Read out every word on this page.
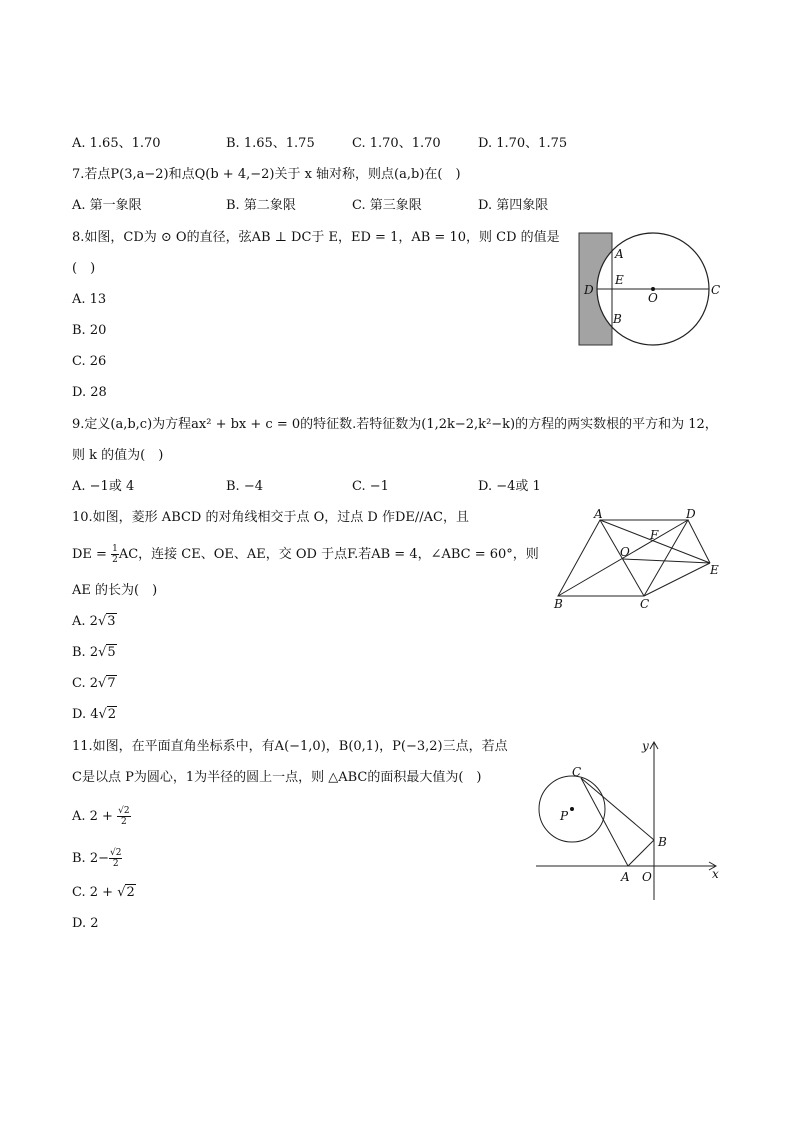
A. 1.65、1.70	B. 1.65、1.75	C. 1.70、1.70	D. 1.70、1.75
7.若点P(3,a−2)和点Q(b + 4,−2)关于 x 轴对称，则点(a,b)在(　)
A. 第一象限	B. 第二象限	C. 第三象限	D. 第四象限
8.如图，CD为 ⊙ O的直径，弦AB ⊥ DC于 E，ED = 1，AB = 10，则 CD 的值是
(　)
A. 13
B. 20
C. 26
D. 28
A
E
D
O
C
B
9.定义(a,b,c)为方程ax² + bx + c = 0的特征数.若特征数为(1,2k−2,k²−k)的方程的两实数根的平方和为 12，
则 k 的值为(　)
A. −1或 4	B. −4	C. −1	D. −4或 1
10.如图，菱形 ABCD 的对角线相交于点 O，过点 D 作DE//AC，且
DE = $\frac{1}{2}$ AC，连接 CE、OE、AE，交 OD 于点F.若AB = 4，∠ABC = 60°，则
AE 的长为(　)
A. 2√3
B. 2√5
C. 2√7
D. 4√2
A	D
F
O
E
B	C
11.如图，在平面直角坐标系中，有A(−1,0)，B(0,1)，P(−3,2)三点，若点
C是以点 P为圆心，1为半径的圆上一点，则 △ABC的面积最大值为(　)
A. $2 + \frac{√2}{2}$
B. $2- \frac{√2}{2}$
C. 2 + √2
D. 2
y
x
C
P
B
A O
